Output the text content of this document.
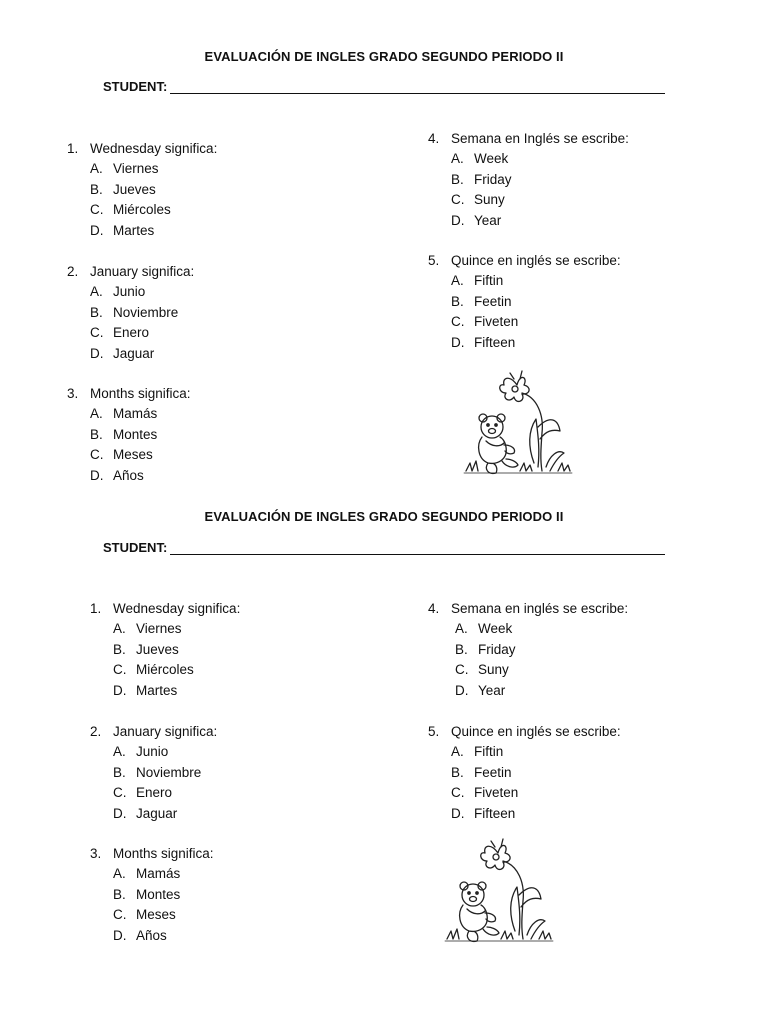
EVALUACIÓN DE INGLES GRADO SEGUNDO PERIODO II
STUDENT:
1. Wednesday significa:
A. Viernes
B. Jueves
C. Miércoles
D. Martes
2. January significa:
A. Junio
B. Noviembre
C. Enero
D. Jaguar
3. Months significa:
A. Mamás
B. Montes
C. Meses
D. Años
4. Semana en Inglés se escribe:
A. Week
B. Friday
C. Suny
D. Year
5. Quince en inglés se escribe:
A. Fiftin
B. Feetin
C. Fiveten
D. Fifteen
EVALUACIÓN DE INGLES GRADO SEGUNDO PERIODO II
STUDENT:
1. Wednesday significa:
A. Viernes
B. Jueves
C. Miércoles
D. Martes
2. January significa:
A. Junio
B. Noviembre
C. Enero
D. Jaguar
3. Months significa:
A. Mamás
B. Montes
C. Meses
D. Años
4. Semana en inglés se escribe:
A. Week
B. Friday
C. Suny
D. Year
5. Quince en inglés se escribe:
A. Fiftin
B. Feetin
C. Fiveten
D. Fifteen
